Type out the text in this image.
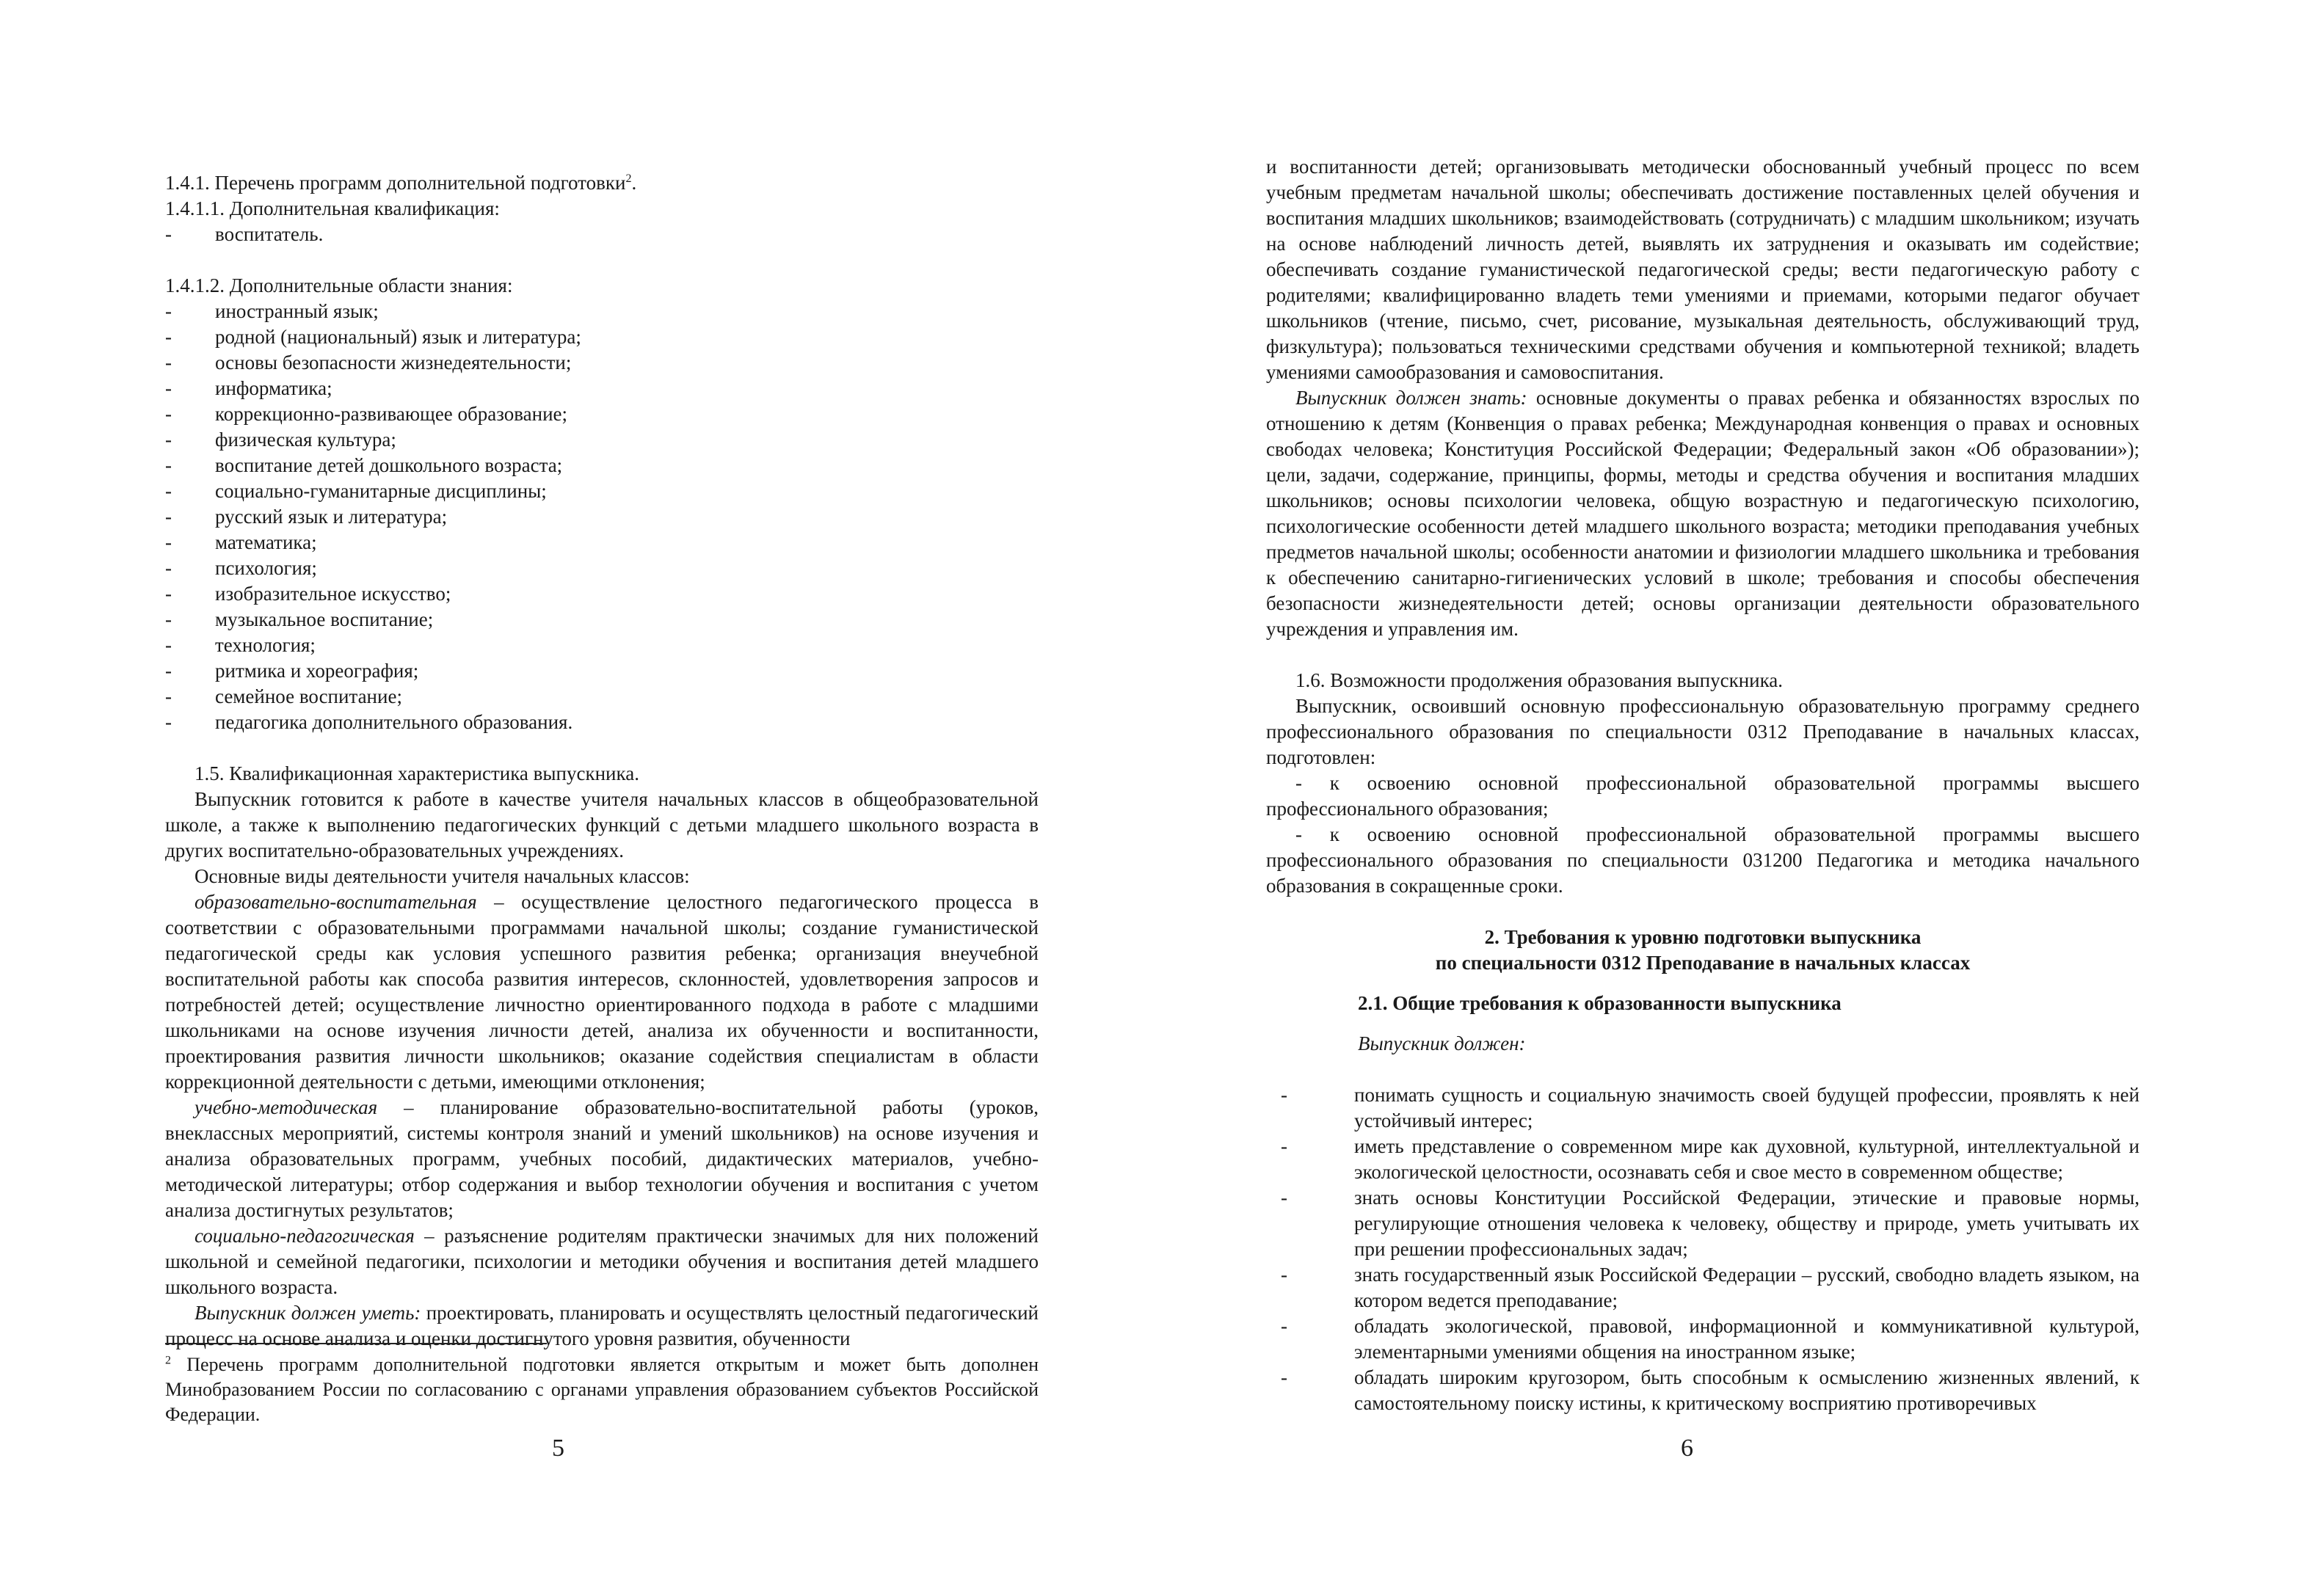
1.4.1. Перечень программ дополнительной подготовки$^2$.

1.4.1.1. Дополнительная квалификация:

- воспитатель.

1.4.1.2. Дополнительные области знания:

- иностранный язык;
- родной (национальный) язык и литература;
- основы безопасности жизнедеятельности;
- информатика;
- коррекционно-развивающее образование;
- физическая культура;
- воспитание детей дошкольного возраста;
- социально-гуманитарные дисциплины;
- русский язык и литература;
- математика;
- психология;
- изобразительное искусство;
- музыкальное воспитание;
- технология;
- ритмика и хореография;
- семейное воспитание;
- педагогика дополнительного образования.

1.5. Квалификационная характеристика выпускника.

Выпускник готовится к работе в качестве учителя начальных классов в общеобразовательной школе, а также к выполнению педагогических функций с детьми младшего школьного возраста в других воспитательно-образовательных учреждениях.

Основные виды деятельности учителя начальных классов:

образовательно-воспитательная – осуществление целостного педагогического процесса в соответствии с образовательными программами начальной школы; создание гуманистической педагогической среды как условия успешного развития ребенка; организация внеучебной воспитательной работы как способа развития интересов, склонностей, удовлетворения запросов и потребностей детей; осуществление личностно ориентированного подхода в работе с младшими школьниками на основе изучения личности детей, анализа их обученности и воспитанности, проектирования развития личности школьников; оказание содействия специалистам в области коррекционной деятельности с детьми, имеющими отклонения;

учебно-методическая – планирование образовательно-воспитательной работы (уроков, внеклассных мероприятий, системы контроля знаний и умений школьников) на основе изучения и анализа образовательных программ, учебных пособий, дидактических материалов, учебно-методической литературы; отбор содержания и выбор технологии обучения и воспитания с учетом анализа достигнутых результатов;

социально-педагогическая – разъяснение родителям практически значимых для них положений школьной и семейной педагогики, психологии и методики обучения и воспитания детей младшего школьного возраста.

Выпускник должен уметь: проектировать, планировать и осуществлять целостный педагогический процесс на основе анализа и оценки достигнутого уровня развития, обученности

$^2$ Перечень программ дополнительной подготовки является открытым и может быть дополнен Минобразованием России по согласованию с органами управления образованием субъектов Российской Федерации.

5

и воспитанности детей; организовывать методически обоснованный учебный процесс по всем учебным предметам начальной школы; обеспечивать достижение поставленных целей обучения и воспитания младших школьников; взаимодействовать (сотрудничать) с младшим школьником; изучать на основе наблюдений личность детей, выявлять их затруднения и оказывать им содействие; обеспечивать создание гуманистической педагогической среды; вести педагогическую работу с родителями; квалифицированно владеть теми умениями и приемами, которыми педагог обучает школьников (чтение, письмо, счет, рисование, музыкальная деятельность, обслуживающий труд, физкультура); пользоваться техническими средствами обучения и компьютерной техникой; владеть умениями самообразования и самовоспитания.

Выпускник должен знать: основные документы о правах ребенка и обязанностях взрослых по отношению к детям (Конвенция о правах ребенка; Международная конвенция о правах и основных свободах человека; Конституция Российской Федерации; Федеральный закон «Об образовании»); цели, задачи, содержание, принципы, формы, методы и средства обучения и воспитания младших школьников; основы психологии человека, общую возрастную и педагогическую психологию, психологические особенности детей младшего школьного возраста; методики преподавания учебных предметов начальной школы; особенности анатомии и физиологии младшего школьника и требования к обеспечению санитарно-гигиенических условий в школе; требования и способы обеспечения безопасности жизнедеятельности детей; основы организации деятельности образовательного учреждения и управления им.

1.6. Возможности продолжения образования выпускника.

Выпускник, освоивший основную профессиональную образовательную программу среднего профессионального образования по специальности 0312 Преподавание в начальных классах, подготовлен:

- к освоению основной профессиональной образовательной программы высшего профессионального образования;

- к освоению основной профессиональной образовательной программы высшего профессионального образования по специальности 031200 Педагогика и методика начального образования в сокращенные сроки.

2. Требования к уровню подготовки выпускника

по специальности 0312 Преподавание в начальных классах

2.1. Общие требования к образованности выпускника

Выпускник должен:

- понимать сущность и социальную значимость своей будущей профессии, проявлять к ней устойчивый интерес;
- иметь представление о современном мире как духовной, культурной, интеллектуальной и экологической целостности, осознавать себя и свое место в современном обществе;
- знать основы Конституции Российской Федерации, этические и правовые нормы, регулирующие отношения человека к человеку, обществу и природе, уметь учитывать их при решении профессиональных задач;
- знать государственный язык Российской Федерации – русский, свободно владеть языком, на котором ведется преподавание;
- обладать экологической, правовой, информационной и коммуникативной культурой, элементарными умениями общения на иностранном языке;
- обладать широким кругозором, быть способным к осмыслению жизненных явлений, к самостоятельному поиску истины, к критическому восприятию противоречивых
6
